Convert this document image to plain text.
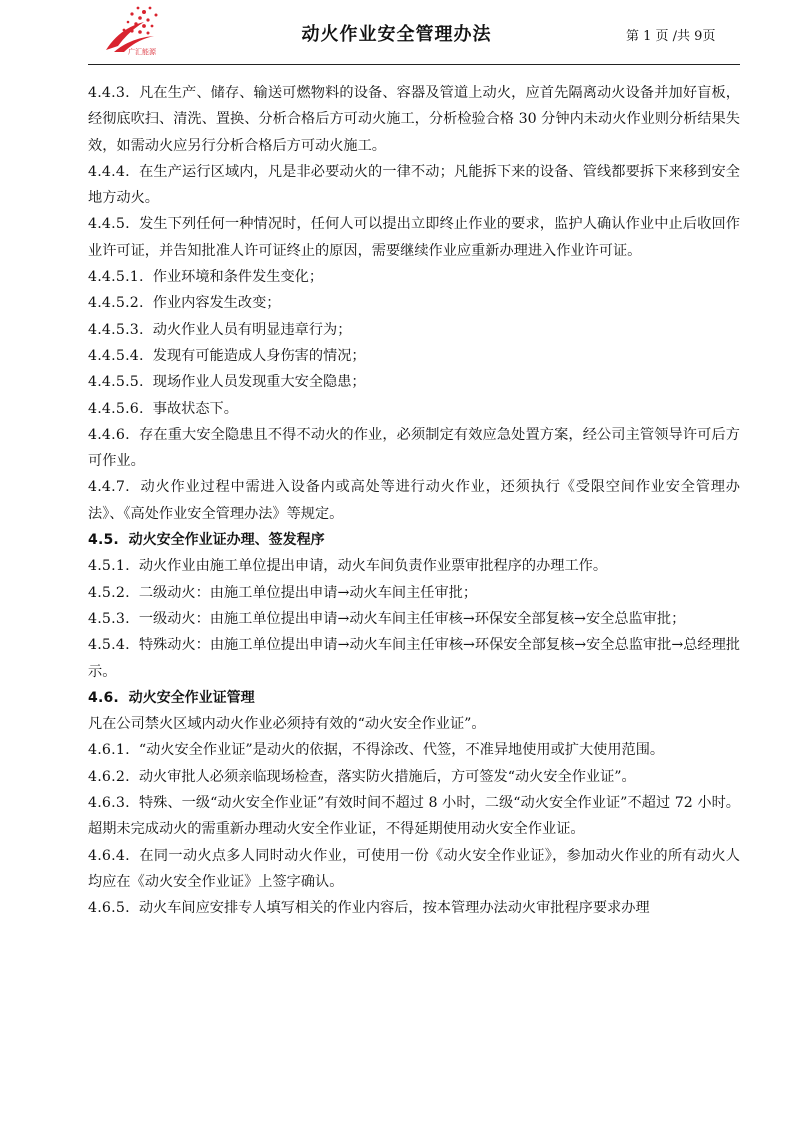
广汇能源
动火作业安全管理办法	第 1 页 /共 9页

4.4.3. 凡在生产、储存、输送可燃物料的设备、容器及管道上动火，应首先隔离动火设备并加好盲板，经彻底吹扫、清洗、置换、分析合格后方可动火施工，分析检验合格 30 分钟内未动火作业则分析结果失效，如需动火应另行分析合格后方可动火施工。

4.4.4. 在生产运行区域内，凡是非必要动火的一律不动；凡能拆下来的设备、管线都要拆下来移到安全地方动火。

4.4.5. 发生下列任何一种情况时，任何人可以提出立即终止作业的要求，监护人确认作业中止后收回作业许可证，并告知批准人许可证终止的原因，需要继续作业应重新办理进入作业许可证。

4.4.5.1. 作业环境和条件发生变化；

4.4.5.2. 作业内容发生改变；

4.4.5.3. 动火作业人员有明显违章行为；

4.4.5.4. 发现有可能造成人身伤害的情况；

4.4.5.5. 现场作业人员发现重大安全隐患；

4.4.5.6. 事故状态下。

4.4.6. 存在重大安全隐患且不得不动火的作业，必须制定有效应急处置方案，经公司主管领导许可后方可作业。

4.4.7. 动火作业过程中需进入设备内或高处等进行动火作业，还须执行《受限空间作业安全管理办法》、《高处作业安全管理办法》等规定。

4.5. 动火安全作业证办理、签发程序

4.5.1. 动火作业由施工单位提出申请，动火车间负责作业票审批程序的办理工作。

4.5.2. 二级动火：由施工单位提出申请→动火车间主任审批；

4.5.3. 一级动火：由施工单位提出申请→动火车间主任审核→环保安全部复核→安全总监审批；

4.5.4. 特殊动火：由施工单位提出申请→动火车间主任审核→环保安全部复核→安全总监审批→总经理批示。

4.6. 动火安全作业证管理

凡在公司禁火区域内动火作业必须持有效的“动火安全作业证”。

4.6.1. “动火安全作业证”是动火的依据，不得涂改、代签，不准异地使用或扩大使用范围。

4.6.2. 动火审批人必须亲临现场检查，落实防火措施后，方可签发“动火安全作业证”。

4.6.3. 特殊、一级“动火安全作业证”有效时间不超过 8 小时，二级“动火安全作业证”不超过 72 小时。超期未完成动火的需重新办理动火安全作业证，不得延期使用动火安全作业证。

4.6.4. 在同一动火点多人同时动火作业，可使用一份《动火安全作业证》，参加动火作业的所有动火人均应在《动火安全作业证》上签字确认。

4.6.5. 动火车间应安排专人填写相关的作业内容后，按本管理办法动火审批程序要求办理
